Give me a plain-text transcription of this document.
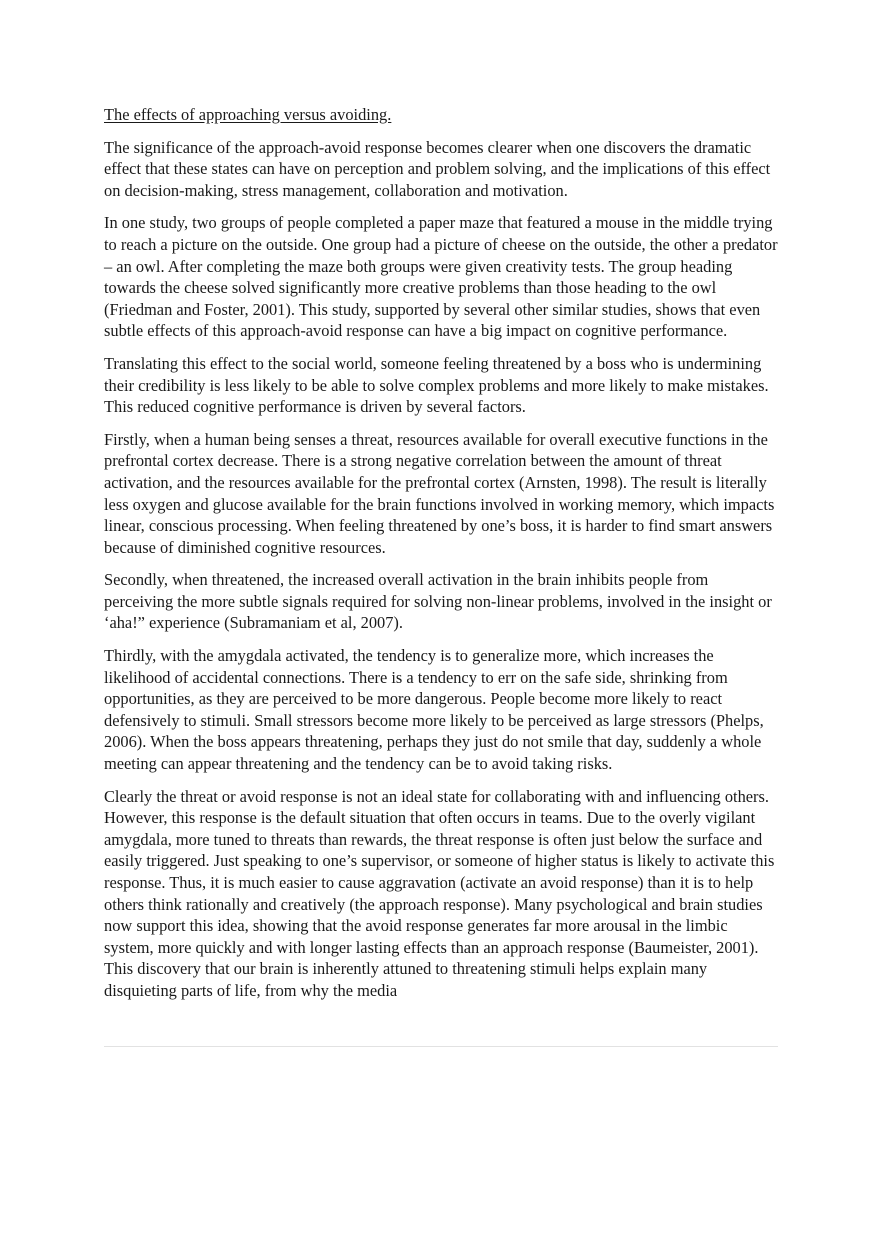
The effects of approaching versus avoiding.

The significance of the approach-avoid response becomes clearer when one discovers the dramatic effect that these states can have on perception and problem solving, and the implications of this effect on decision-making, stress management, collaboration and motivation.

In one study, two groups of people completed a paper maze that featured a mouse in the middle trying to reach a picture on the outside. One group had a picture of cheese on the outside, the other a predator – an owl. After completing the maze both groups were given creativity tests. The group heading towards the cheese solved significantly more creative problems than those heading to the owl (Friedman and Foster, 2001). This study, supported by several other similar studies, shows that even subtle effects of this approach-avoid response can have a big impact on cognitive performance.

Translating this effect to the social world, someone feeling threatened by a boss who is undermining their credibility is less likely to be able to solve complex problems and more likely to make mistakes. This reduced cognitive performance is driven by several factors.

Firstly, when a human being senses a threat, resources available for overall executive functions in the prefrontal cortex decrease. There is a strong negative correlation between the amount of threat activation, and the resources available for the prefrontal cortex (Arnsten, 1998). The result is literally less oxygen and glucose available for the brain functions involved in working memory, which impacts linear, conscious processing. When feeling threatened by one’s boss, it is harder to find smart answers because of diminished cognitive resources.

Secondly, when threatened, the increased overall activation in the brain inhibits people from perceiving the more subtle signals required for solving non-linear problems, involved in the insight or ‘aha!” experience (Subramaniam et al, 2007).

Thirdly, with the amygdala activated, the tendency is to generalize more, which increases the likelihood of accidental connections. There is a tendency to err on the safe side, shrinking from opportunities, as they are perceived to be more dangerous. People become more likely to react defensively to stimuli. Small stressors become more likely to be perceived as large stressors (Phelps, 2006). When the boss appears threatening, perhaps they just do not smile that day, suddenly a whole meeting can appear threatening and the tendency can be to avoid taking risks.

Clearly the threat or avoid response is not an ideal state for collaborating with and influencing others. However, this response is the default situation that often occurs in teams. Due to the overly vigilant amygdala, more tuned to threats than rewards, the threat response is often just below the surface and easily triggered. Just speaking to one’s supervisor, or someone of higher status is likely to activate this response. Thus, it is much easier to cause aggravation (activate an avoid response) than it is to help others think rationally and creatively (the approach response). Many psychological and brain studies now support this idea, showing that the avoid response generates far more arousal in the limbic system, more quickly and with longer lasting effects than an approach response (Baumeister, 2001). This discovery that our brain is inherently attuned to threatening stimuli helps explain many disquieting parts of life, from why the media
